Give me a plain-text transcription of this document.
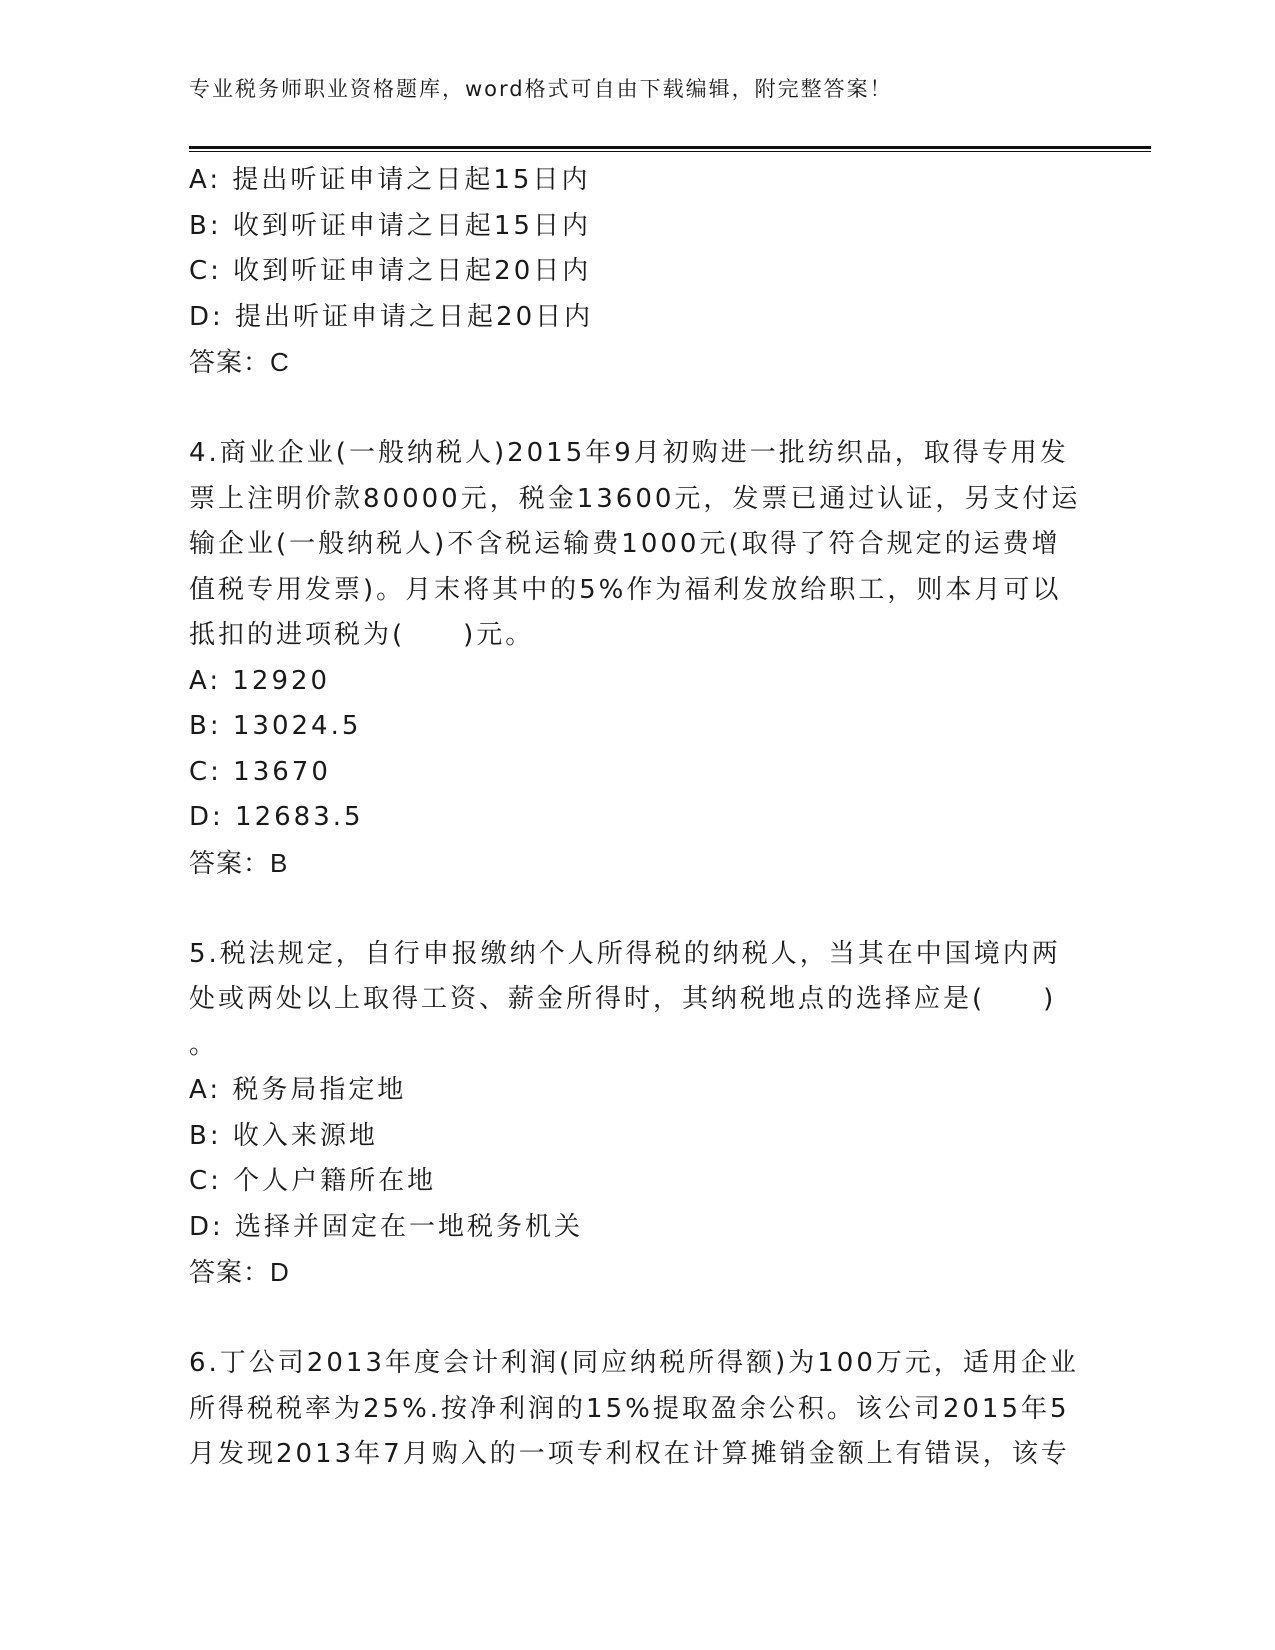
专业税务师职业资格题库，word格式可自由下载编辑，附完整答案！
A: 提出听证申请之日起15日内
B: 收到听证申请之日起15日内
C: 收到听证申请之日起20日内
D: 提出听证申请之日起20日内
答案：C
4.商业企业(一般纳税人)2015年9月初购进一批纺织品，取得专用发
票上注明价款80000元，税金13600元，发票已通过认证，另支付运
输企业(一般纳税人)不含税运输费1000元(取得了符合规定的运费增
值税专用发票)。月末将其中的5%作为福利发放给职工，则本月可以
抵扣的进项税为(　　)元。
A: 12920
B: 13024.5
C: 13670
D: 12683.5
答案：B
5.税法规定，自行申报缴纳个人所得税的纳税人，当其在中国境内两
处或两处以上取得工资、薪金所得时，其纳税地点的选择应是(　　)
。
A: 税务局指定地
B: 收入来源地
C: 个人户籍所在地
D: 选择并固定在一地税务机关
答案：D
6.丁公司2013年度会计利润(同应纳税所得额)为100万元，适用企业
所得税税率为25%.按净利润的15%提取盈余公积。该公司2015年5
月发现2013年7月购入的一项专利权在计算摊销金额上有错误，该专
